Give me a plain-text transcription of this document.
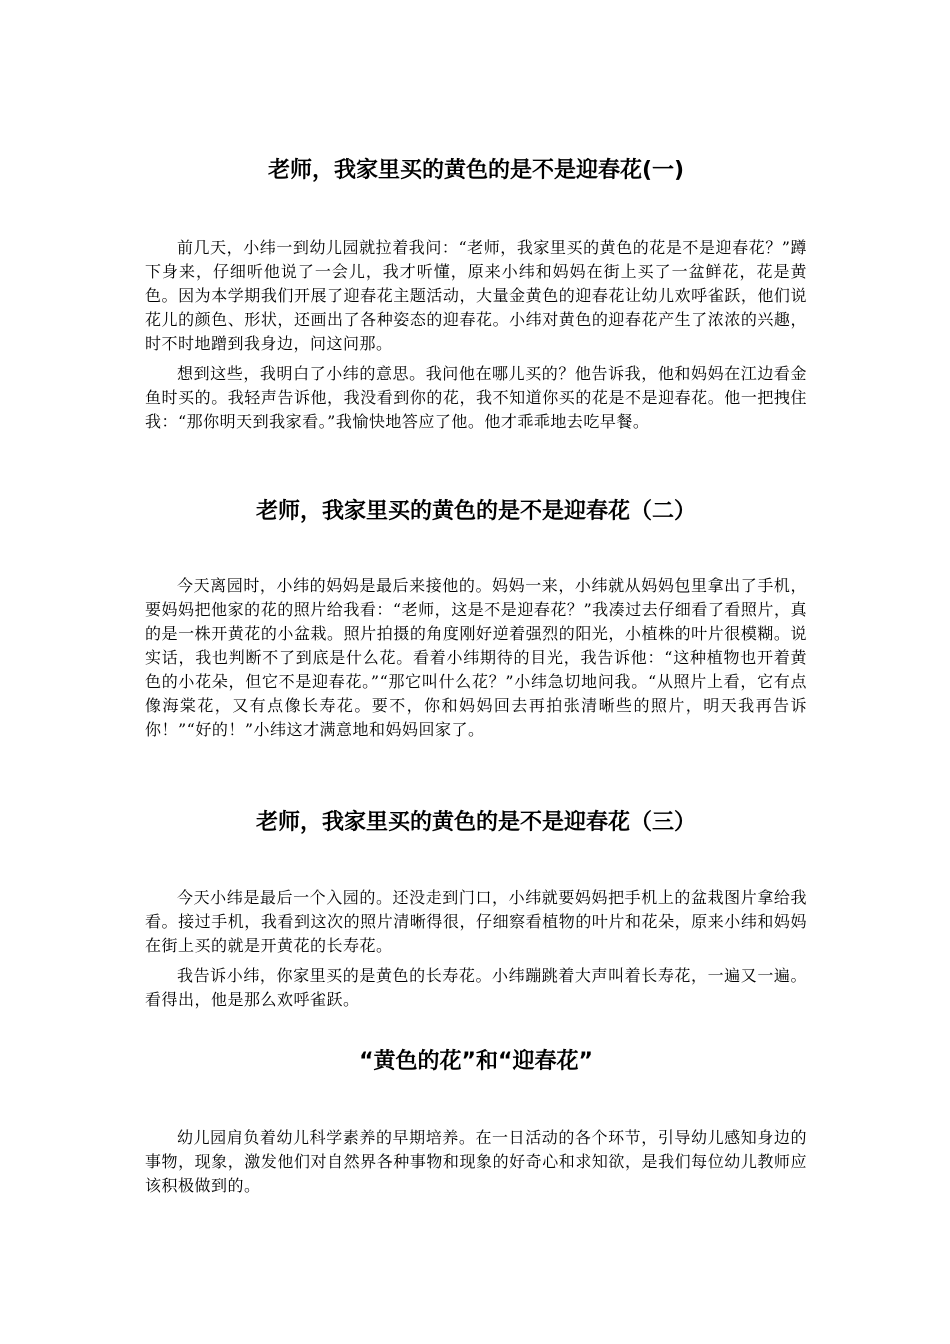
老师，我家里买的黄色的是不是迎春花(一)

前几天，小纬一到幼儿园就拉着我问：“老师，我家里买的黄色的花是不是迎春花？”蹲下身来，仔细听他说了一会儿，我才听懂，原来小纬和妈妈在街上买了一盆鲜花，花是黄色。因为本学期我们开展了迎春花主题活动，大量金黄色的迎春花让幼儿欢呼雀跃，他们说花儿的颜色、形状，还画出了各种姿态的迎春花。小纬对黄色的迎春花产生了浓浓的兴趣，时不时地蹭到我身边，问这问那。

想到这些，我明白了小纬的意思。我问他在哪儿买的？他告诉我，他和妈妈在江边看金鱼时买的。我轻声告诉他，我没看到你的花，我不知道你买的花是不是迎春花。他一把拽住我：“那你明天到我家看。”我愉快地答应了他。他才乖乖地去吃早餐。

老师，我家里买的黄色的是不是迎春花（二）

今天离园时，小纬的妈妈是最后来接他的。妈妈一来，小纬就从妈妈包里拿出了手机，要妈妈把他家的花的照片给我看：“老师，这是不是迎春花？”我凑过去仔细看了看照片，真的是一株开黄花的小盆栽。照片拍摄的角度刚好逆着强烈的阳光，小植株的叶片很模糊。说实话，我也判断不了到底是什么花。看着小纬期待的目光，我告诉他：“这种植物也开着黄色的小花朵，但它不是迎春花。”“那它叫什么花？”小纬急切地问我。“从照片上看，它有点像海棠花，又有点像长寿花。要不，你和妈妈回去再拍张清晰些的照片，明天我再告诉你！”“好的！”小纬这才满意地和妈妈回家了。

老师，我家里买的黄色的是不是迎春花（三）

今天小纬是最后一个入园的。还没走到门口，小纬就要妈妈把手机上的盆栽图片拿给我看。接过手机，我看到这次的照片清晰得很，仔细察看植物的叶片和花朵，原来小纬和妈妈在街上买的就是开黄花的长寿花。

我告诉小纬，你家里买的是黄色的长寿花。小纬蹦跳着大声叫着长寿花，一遍又一遍。看得出，他是那么欢呼雀跃。

“黄色的花”和“迎春花”

幼儿园肩负着幼儿科学素养的早期培养。在一日活动的各个环节，引导幼儿感知身边的事物，现象，激发他们对自然界各种事物和现象的好奇心和求知欲，是我们每位幼儿教师应该积极做到的。
